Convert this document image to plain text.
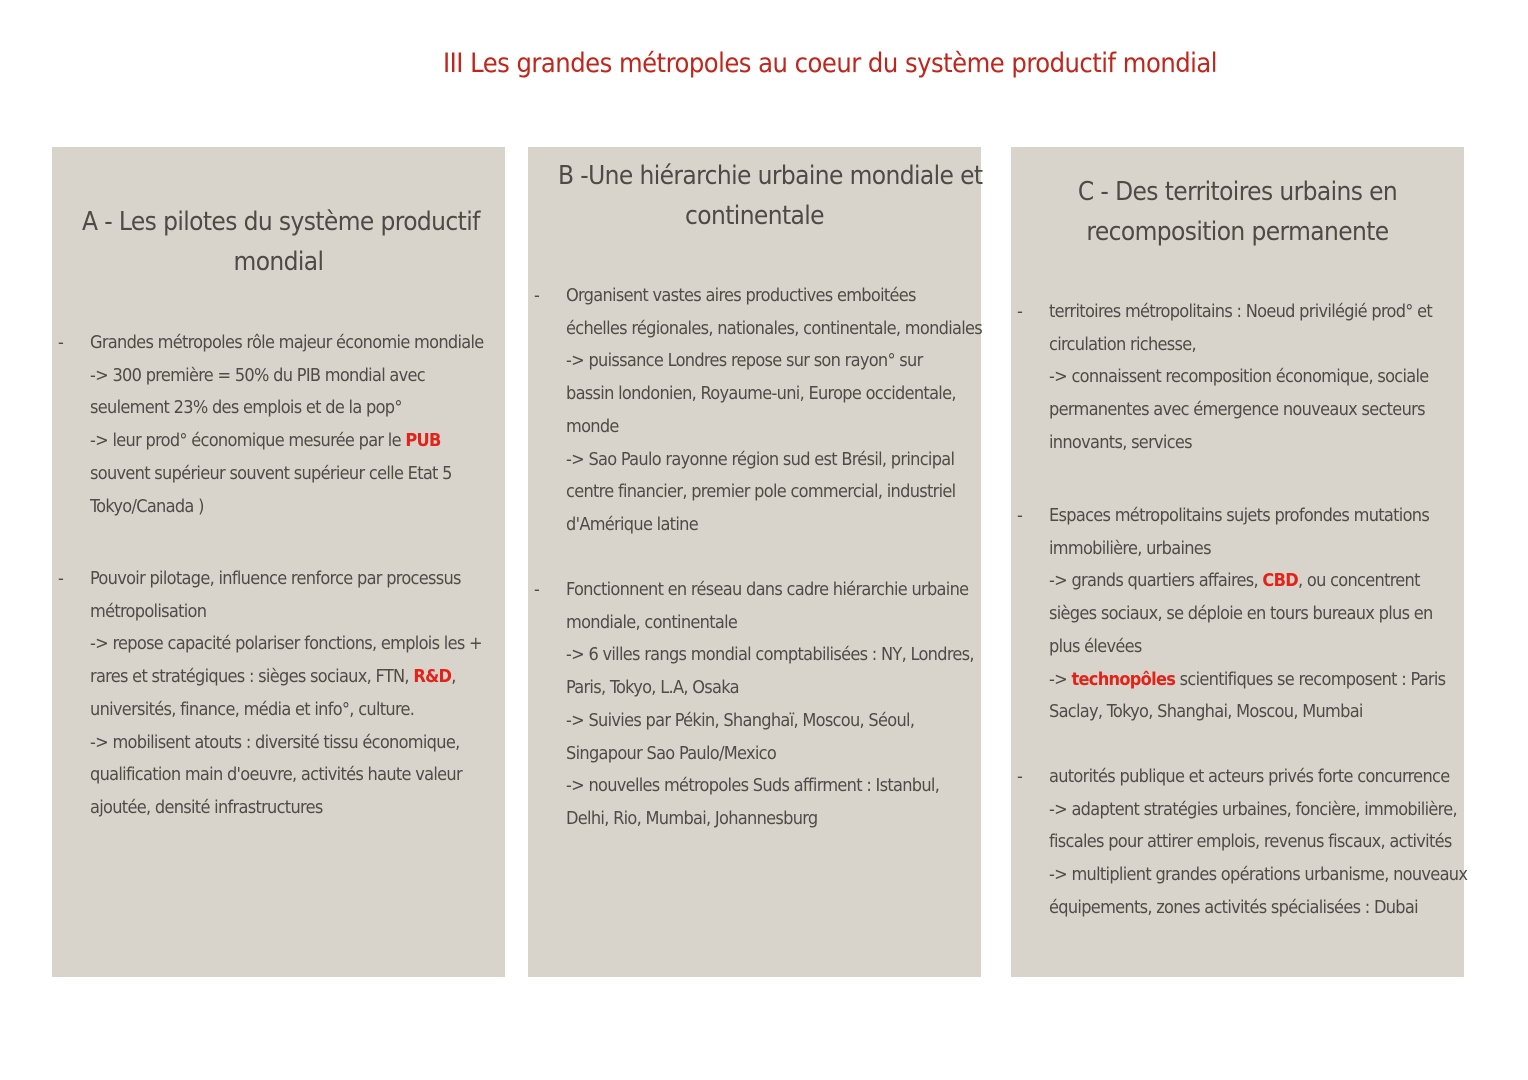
III Les grandes métropoles au coeur du système productif mondial
A - Les pilotes du système productif
mondial
- Grandes métropoles rôle majeur économie mondiale
-> 300 première = 50% du PIB mondial avec
seulement 23% des emplois et de la pop°
-> leur prod° économique mesurée par le PUB
souvent supérieur souvent supérieur celle Etat 5
Tokyo/Canada )
- Pouvoir pilotage, influence renforce par processus
métropolisation
-> repose capacité polariser fonctions, emplois les +
rares et stratégiques : sièges sociaux, FTN, R&D,
universités, finance, média et info°, culture.
-> mobilisent atouts : diversité tissu économique,
qualification main d'oeuvre, activités haute valeur
ajoutée, densité infrastructures
B -Une hiérarchie urbaine mondiale et
continentale
- Organisent vastes aires productives emboitées
échelles régionales, nationales, continentale, mondiales
-> puissance Londres repose sur son rayon° sur
bassin londonien, Royaume-uni, Europe occidentale,
monde
-> Sao Paulo rayonne région sud est Brésil, principal
centre financier, premier pole commercial, industriel
d'Amérique latine
- Fonctionnent en réseau dans cadre hiérarchie urbaine
mondiale, continentale
-> 6 villes rangs mondial comptabilisées : NY, Londres,
Paris, Tokyo, L.A, Osaka
-> Suivies par Pékin, Shanghaï, Moscou, Séoul,
Singapour Sao Paulo/Mexico
-> nouvelles métropoles Suds affirment : Istanbul,
Delhi, Rio, Mumbai, Johannesburg
C - Des territoires urbains en
recomposition permanente
- territoires métropolitains : Noeud privilégié prod° et
circulation richesse,
-> connaissent recomposition économique, sociale
permanentes avec émergence nouveaux secteurs
innovants, services
- Espaces métropolitains sujets profondes mutations
immobilière, urbaines
-> grands quartiers affaires, CBD, ou concentrent
sièges sociaux, se déploie en tours bureaux plus en
plus élevées
-> technopôles scientifiques se recomposent : Paris
Saclay, Tokyo, Shanghai, Moscou, Mumbai
- autorités publique et acteurs privés forte concurrence
-> adaptent stratégies urbaines, foncière, immobilière,
fiscales pour attirer emplois, revenus fiscaux, activités
-> multiplient grandes opérations urbanisme, nouveaux
équipements, zones activités spécialisées : Dubai
